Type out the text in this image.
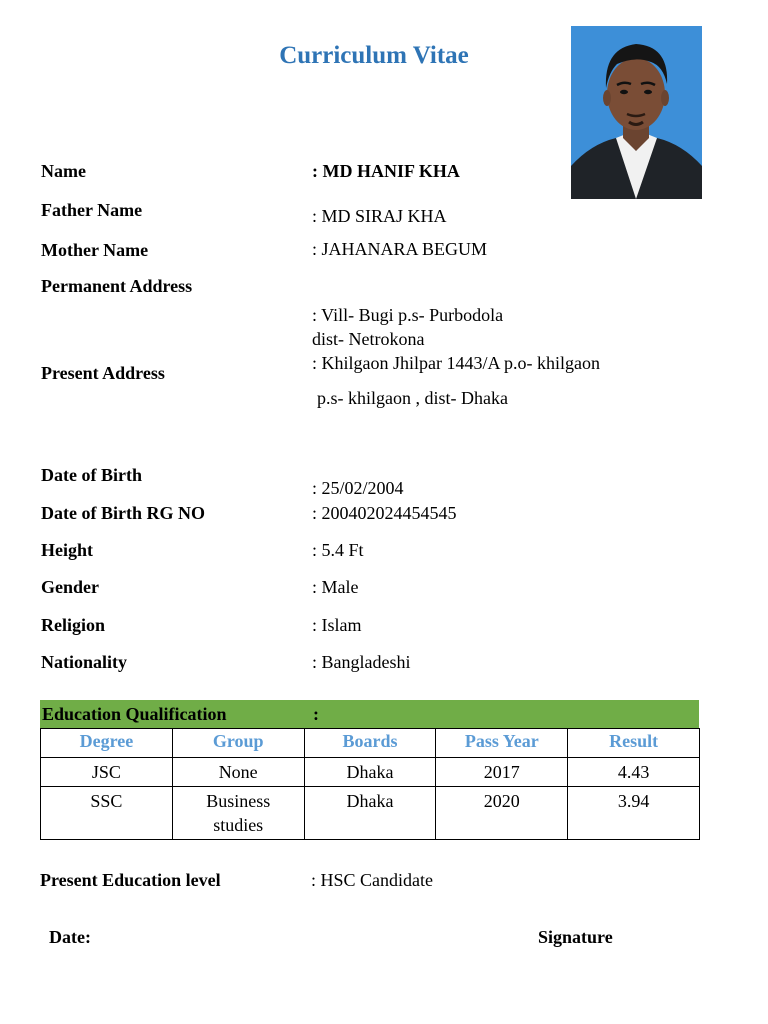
Curriculum Vitae
Name	: MD HANIF KHA
Father Name	: MD SIRAJ KHA
Mother Name	: JAHANARA BEGUM
Permanent Address
: Vill- Bugi p.s- Purbodola
dist- Netrokona
Present Address	: Khilgaon Jhilpar 1443/A p.o- khilgaon
p.s- khilgaon , dist- Dhaka
Date of Birth
: 25/02/2004
Date of Birth RG NO	: 200402024454545
Height	: 5.4 Ft
Gender	: Male
Religion	: Islam
Nationality	: Bangladeshi
Education Qualification	:
Degree	Group	Boards	Pass Year	Result
JSC	None	Dhaka	2017	4.43
SSC	Business studies	Dhaka	2020	3.94
Present Education level	: HSC Candidate
Date:	Signature
